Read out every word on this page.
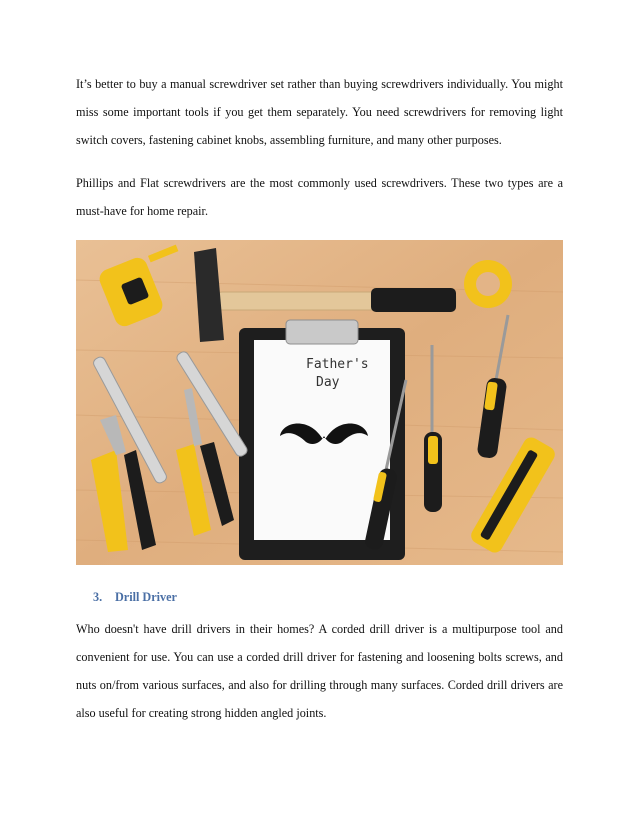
It’s better to buy a manual screwdriver set rather than buying screwdrivers individually. You might miss some important tools if you get them separately. You need screwdrivers for removing light switch covers, fastening cabinet knobs, assembling furniture, and many other purposes.

Phillips and Flat screwdrivers are the most commonly used screwdrivers. These two types are a must-have for home repair.

Father's
Day
3. Drill Driver

Who doesn't have drill drivers in their homes? A corded drill driver is a multipurpose tool and convenient for use. You can use a corded drill driver for fastening and loosening bolts screws, and nuts on/from various surfaces, and also for drilling through many surfaces. Corded drill drivers are also useful for creating strong hidden angled joints.
